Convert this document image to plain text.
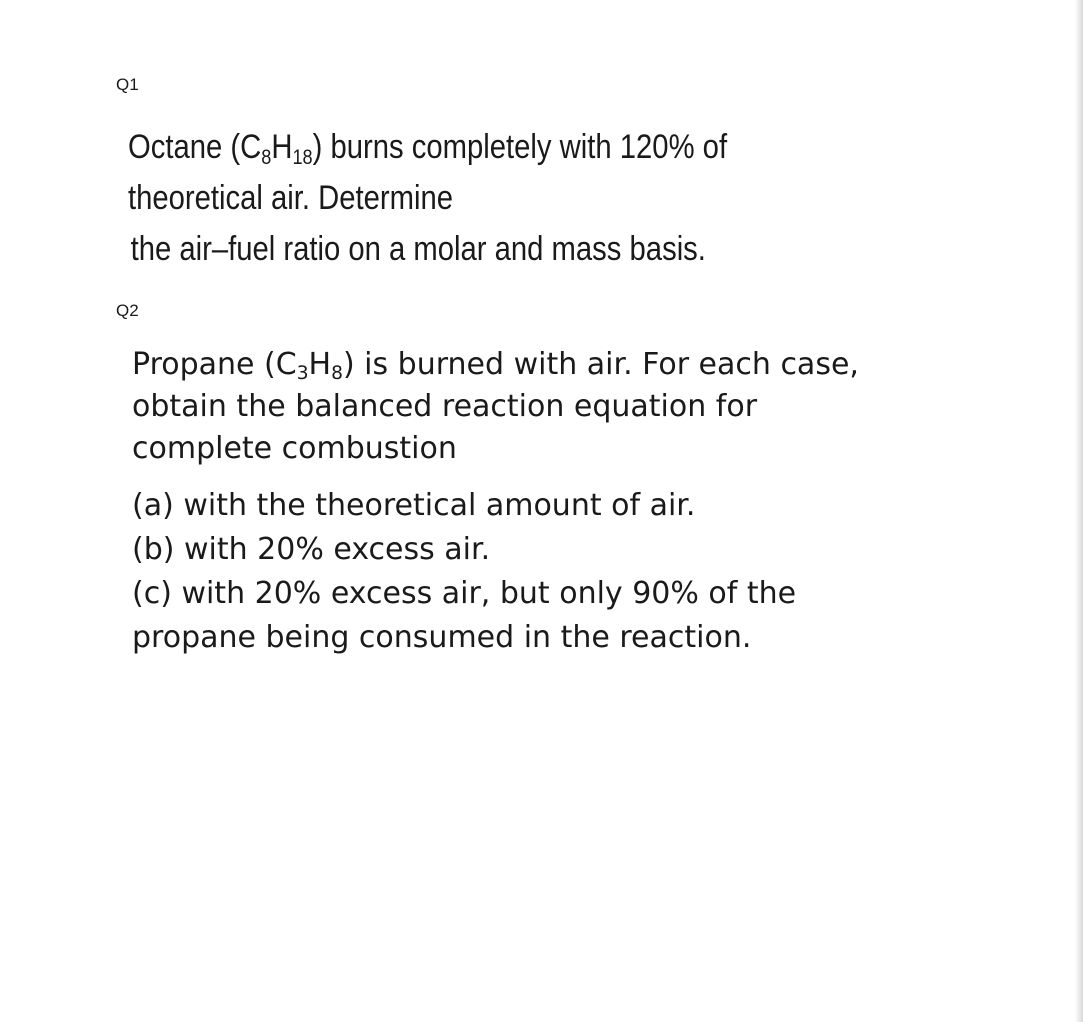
Q1
Octane $(C_8H_{18})$ burns completely with 120% of
theoretical air. Determine
the air–fuel ratio on a molar and mass basis.
Q2
Propane $(C_3H_8)$ is burned with air. For each case,
obtain the balanced reaction equation for
complete combustion
(a) with the theoretical amount of air.
(b) with 20% excess air.
(c) with 20% excess air, but only 90% of the
propane being consumed in the reaction.
